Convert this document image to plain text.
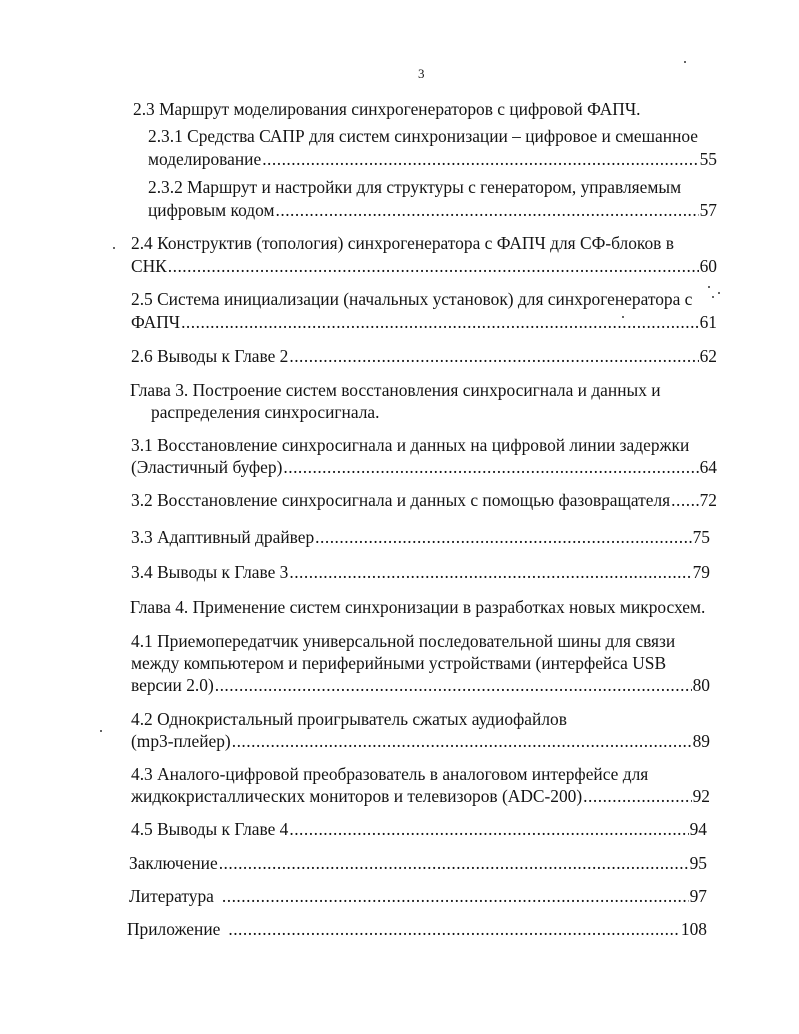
3
2.3 Маршрут моделирования синхрогенераторов с цифровой ФАПЧ.
2.3.1 Средства САПР для систем синхронизации – цифровое и смешанное
моделирование .....	55
2.3.2 Маршрут и настройки для структуры с генератором, управляемым
цифровым кодом .....	57
2.4 Конструктив (топология) синхрогенератора с ФАПЧ для СФ-блоков в
СНК .....	60
2.5 Система инициализации (начальных установок) для синхрогенератора с
ФАПЧ .....	61
2.6 Выводы к Главе 2 .....	62
Глава 3. Построение систем восстановления синхросигнала и данных и
распределения синхросигнала.
3.1 Восстановление синхросигнала и данных на цифровой линии задержки
(Эластичный буфер) .....	64
3.2 Восстановление синхросигнала и данных с помощью фазовращателя ..... 72
3.3 Адаптивный драйвер .....	75
3.4 Выводы к Главе 3 .....	79
Глава 4. Применение систем синхронизации в разработках новых микросхем.
4.1 Приемопередатчик универсальной последовательной шины для связи
между компьютером и периферийными устройствами (интерфейса USB
версии 2.0) .....	80
4.2 Однокристальный проигрыватель сжатых аудиофайлов
(mp3-плейер) .....	89
4.3 Аналого-цифровой преобразователь в аналоговом интерфейсе для
жидкокристаллических мониторов и телевизоров (ADC-200) .....	92
4.5 Выводы к Главе 4 .....	94
Заключение .....	95
Литература .....	97
Приложение .....	108
